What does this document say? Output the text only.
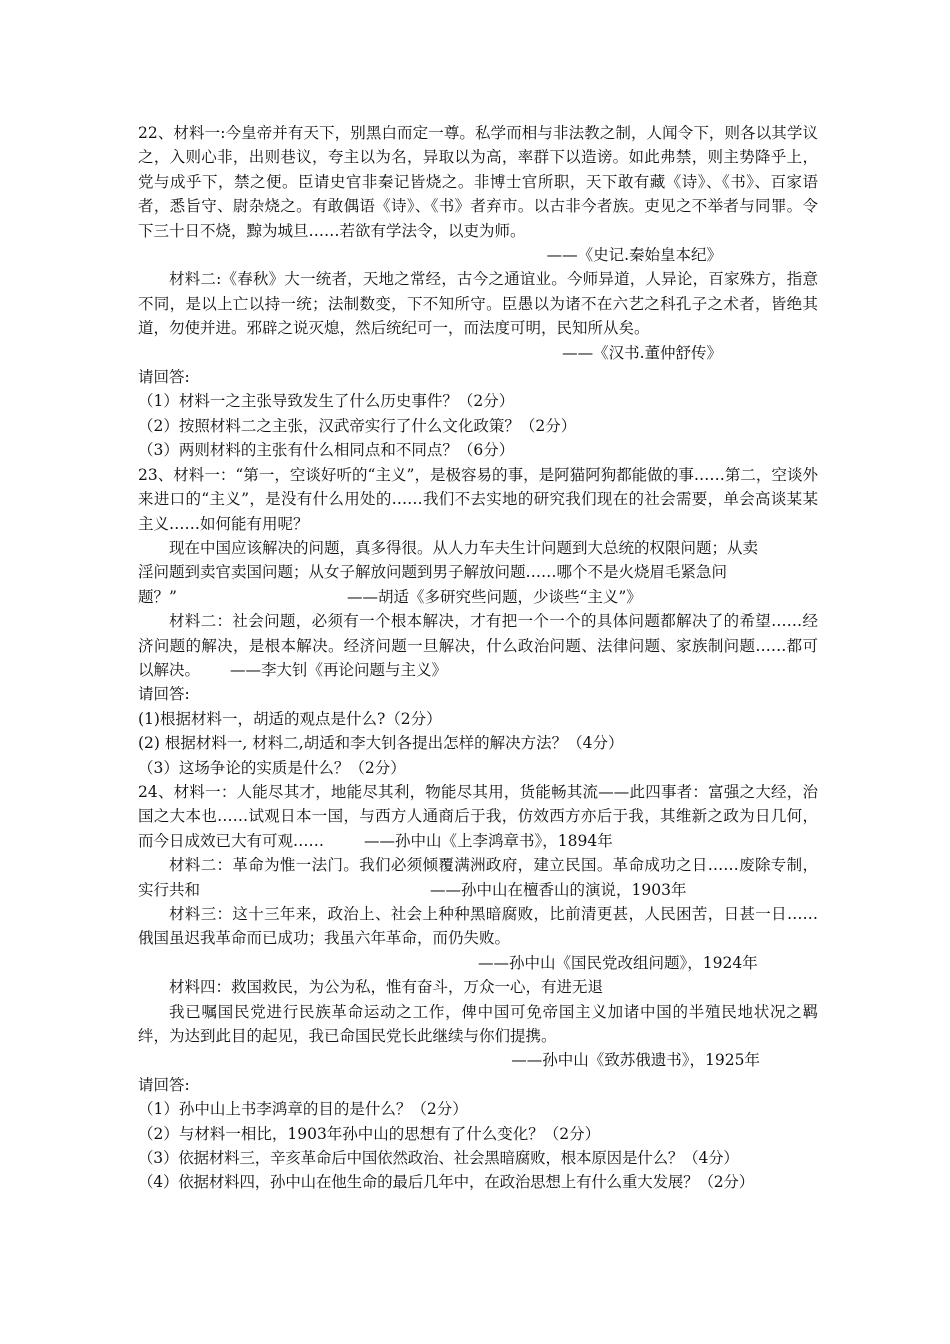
22、材料一:今皇帝并有天下，别黑白而定一尊。私学而相与非法教之制，人闻令下，则各以其学议之，入则心非，出则巷议，夸主以为名，异取以为高，率群下以造谤。如此弗禁，则主势降乎上，党与成乎下，禁之便。臣请史官非秦记皆烧之。非博士官所职，天下敢有藏《诗》、《书》、百家语者，悉旨守、尉杂烧之。有敢偶语《诗》、《书》者弃市。以古非今者族。吏见之不举者与同罪。令下三十日不烧，黥为城旦……若欲有学法令，以吏为师。

——《史记.秦始皇本纪》

材料二:《春秋》大一统者，天地之常经，古今之通谊业。今师异道，人异论，百家殊方，指意不同，是以上亡以持一统；法制数变，下不知所守。臣愚以为诸不在六艺之科孔子之术者，皆绝其道，勿使并进。邪辟之说灭熄，然后统纪可一，而法度可明，民知所从矣。

——《汉书.董仲舒传》

请回答:

（1）材料一之主张导致发生了什么历史事件？（2分）

（2）按照材料二之主张，汉武帝实行了什么文化政策？（2分）

（3）两则材料的主张有什么相同点和不同点？（6分）

23、材料一：“第一，空谈好听的“主义”，是极容易的事，是阿猫阿狗都能做的事……第二，空谈外来进口的“主义”，是没有什么用处的……我们不去实地的研究我们现在的社会需要，单会高谈某某主义……如何能有用呢？

现在中国应该解决的问题，真多得很。从人力车夫生计问题到大总统的权限问题；从卖

淫问题到卖官卖国问题；从女子解放问题到男子解放问题……哪个不是火烧眉毛紧急问

题？”	——胡适《多研究些问题，少谈些“主义”》

材料二：社会问题，必须有一个根本解决，才有把一个一个的具体问题都解决了的希望……经济问题的解决，是根本解决。经济问题一旦解决，什么政治问题、法律问题、家族制问题……都可以解决。 ——李大钊《再论问题与主义》

请回答:

(1)根据材料一，胡适的观点是什么?（2分）

(2) 根据材料一, 材料二,胡适和李大钊各提出怎样的解决方法？（4分）

（3）这场争论的实质是什么？（2分）

24、材料一：人能尽其才，地能尽其利，物能尽其用，货能畅其流——此四事者：富强之大经，治国之大本也……试观日本一国，与西方人通商后于我，仿效西方亦后于我，其维新之政为日几何，而今日成效已大有可观……	——孙中山《上李鸿章书》，1894年

材料二：革命为惟一法门。我们必须倾覆满洲政府，建立民国。革命成功之日……废除专制，实行共和	——孙中山在檀香山的演说，1903年

材料三：这十三年来，政治上、社会上种种黑暗腐败，比前清更甚，人民困苦，日甚一日……俄国虽迟我革命而已成功；我虽六年革命，而仍失败。

——孙中山《国民党改组问题》，1924年

材料四：救国救民，为公为私，惟有奋斗，万众一心，有进无退

我已嘱国民党进行民族革命运动之工作，俾中国可免帝国主义加诸中国的半殖民地状况之羁绊，为达到此目的起见，我已命国民党长此继续与你们提携。

——孙中山《致苏俄遗书》，1925年

请回答:

（1）孙中山上书李鸿章的目的是什么？（2分）

（2）与材料一相比，1903年孙中山的思想有了什么变化？（2分）

（3）依据材料三，辛亥革命后中国依然政治、社会黑暗腐败，根本原因是什么？（4分）

（4）依据材料四，孙中山在他生命的最后几年中，在政治思想上有什么重大发展？（2分）
